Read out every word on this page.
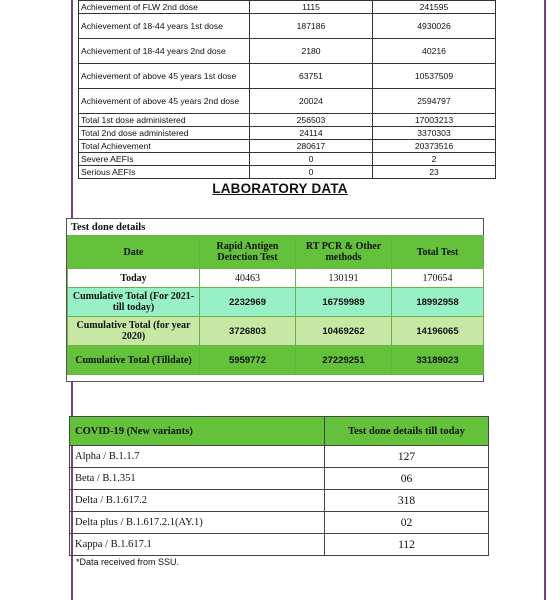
Achievement of FLW 2nd dose	1115	241595
Achievement of 18-44 years 1st dose	187186	4930026
Achievement of 18-44 years 2nd dose	2180	40216
Achievement of above 45 years 1st dose	63751	10537509
Achievement of above 45 years 2nd dose	20024	2594797
Total 1st dose administered	256503	17003213
Total 2nd dose administered	24114	3370303
Total Achievement	280617	20373516
Severe AEFIs	0	2
Serious AEFIs	0	23
LABORATORY DATA
Test done details
Date	Rapid Antigen Detection Test	RT PCR & Other methods	Total Test
Today	40463	130191	170654
Cumulative Total (For 2021- till today)	2232969	16759989	18992958
Cumulative Total (for year 2020)	3726803	10469262	14196065
Cumulative Total (Tilldate)	5959772	27229251	33189023
COVID-19 (New variants)	Test done details till today
Alpha / B.1.1.7	127
Beta / B.1.351	06
Delta / B.1.617.2	318
Delta plus / B.1.617.2.1(AY.1)	02
Kappa / B.1.617.1	112
*Data received from SSU.
